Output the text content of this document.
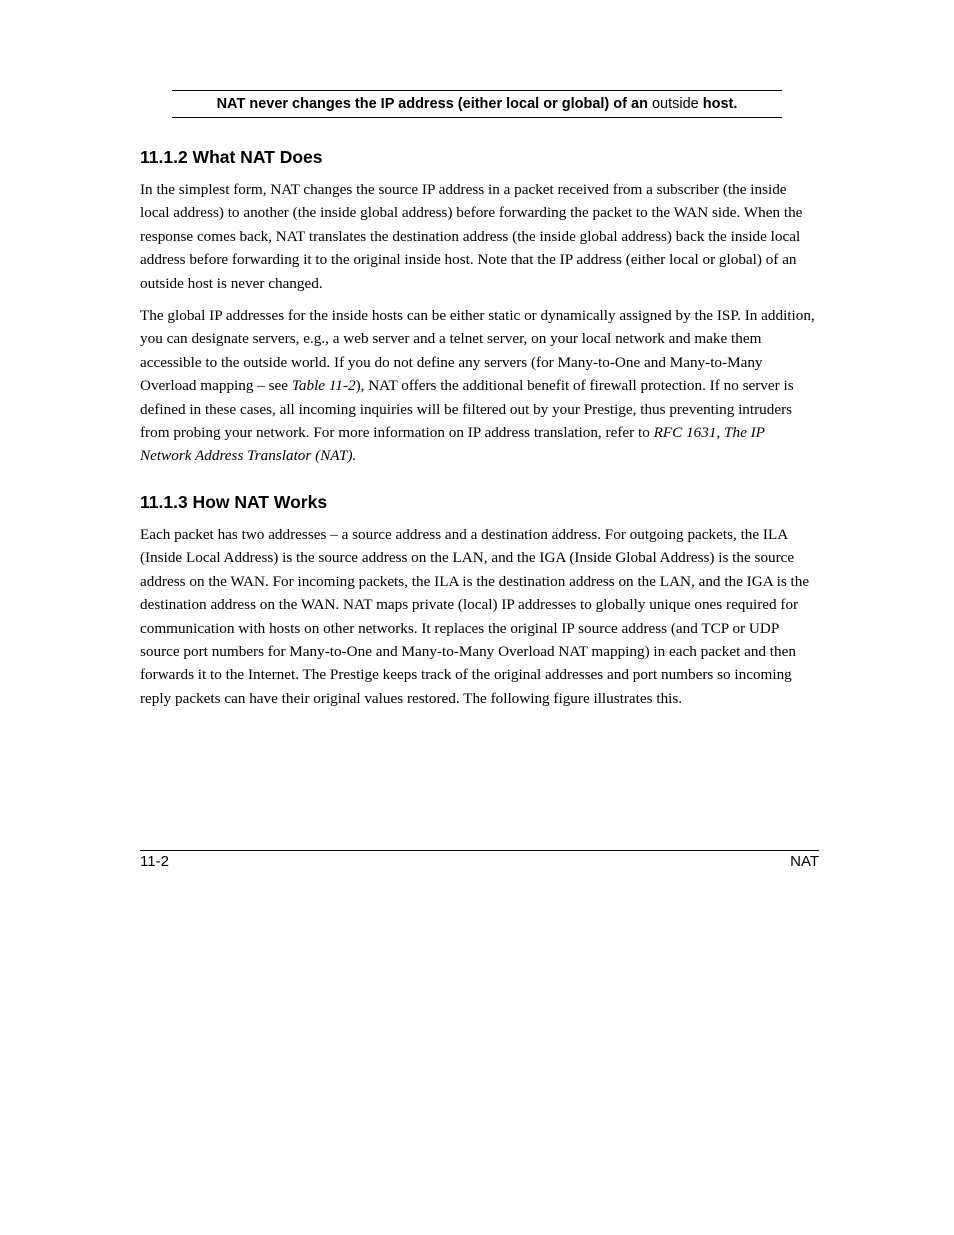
NAT never changes the IP address (either local or global) of an outside host.
11.1.2 What NAT Does

In the simplest form, NAT changes the source IP address in a packet received from a subscriber (the inside local address) to another (the inside global address) before forwarding the packet to the WAN side. When the response comes back, NAT translates the destination address (the inside global address) back the inside local address before forwarding it to the original inside host. Note that the IP address (either local or global) of an outside host is never changed.

The global IP addresses for the inside hosts can be either static or dynamically assigned by the ISP. In addition, you can designate servers, e.g., a web server and a telnet server, on your local network and make them accessible to the outside world. If you do not define any servers (for Many-to-One and Many-to-Many Overload mapping – see Table 11-2), NAT offers the additional benefit of firewall protection. If no server is defined in these cases, all incoming inquiries will be filtered out by your Prestige, thus preventing intruders from probing your network. For more information on IP address translation, refer to RFC 1631, The IP Network Address Translator (NAT).

11.1.3 How NAT Works

Each packet has two addresses – a source address and a destination address. For outgoing packets, the ILA (Inside Local Address) is the source address on the LAN, and the IGA (Inside Global Address) is the source address on the WAN. For incoming packets, the ILA is the destination address on the LAN, and the IGA is the destination address on the WAN. NAT maps private (local) IP addresses to globally unique ones required for communication with hosts on other networks. It replaces the original IP source address (and TCP or UDP source port numbers for Many-to-One and Many-to-Many Overload NAT mapping) in each packet and then forwards it to the Internet. The Prestige keeps track of the original addresses and port numbers so incoming reply packets can have their original values restored. The following figure illustrates this.

11-2	NAT
